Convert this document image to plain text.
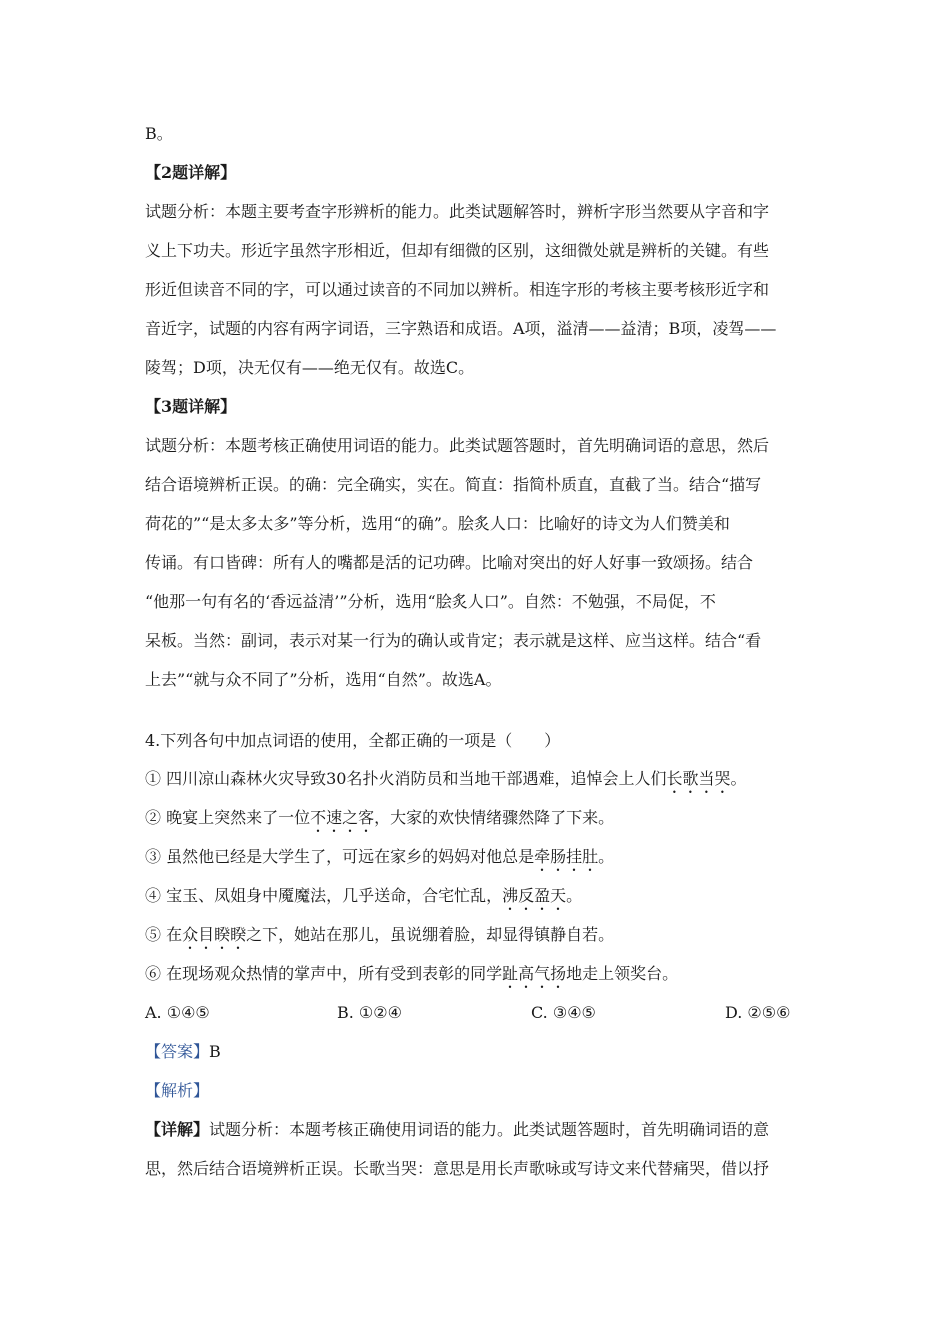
B。
【2题详解】
试题分析：本题主要考查字形辨析的能力。此类试题解答时，辨析字形当然要从字音和字
义上下功夫。形近字虽然字形相近，但却有细微的区别，这细微处就是辨析的关键。有些
形近但读音不同的字，可以通过读音的不同加以辨析。相连字形的考核主要考核形近字和
音近字，试题的内容有两字词语，三字熟语和成语。A项，溢清——益清；B项，凌驾——
陵驾；D项，决无仅有——绝无仅有。故选C。
【3题详解】
试题分析：本题考核正确使用词语的能力。此类试题答题时，首先明确词语的意思，然后
结合语境辨析正误。的确：完全确实，实在。简直：指简朴质直，直截了当。结合“描写
荷花的”“是太多太多”等分析，选用“的确”。脍炙人口：比喻好的诗文为人们赞美和
传诵。有口皆碑：所有人的嘴都是活的记功碑。比喻对突出的好人好事一致颂扬。结合
“他那一句有名的‘香远益清’”分析，选用“脍炙人口”。自然：不勉强，不局促，不
呆板。当然：副词，表示对某一行为的确认或肯定；表示就是这样、应当这样。结合“看
上去”“就与众不同了”分析，选用“自然”。故选A。
4.下列各句中加点词语的使用，全都正确的一项是（　　）
① 四川凉山森林火灾导致30名扑火消防员和当地干部遇难，追悼会上人们长歌当哭。
② 晚宴上突然来了一位不速之客，大家的欢快情绪骤然降了下来。
③ 虽然他已经是大学生了，可远在家乡的妈妈对他总是牵肠挂肚。
④ 宝玉、凤姐身中魇魔法，几乎送命，合宅忙乱，沸反盈天。
⑤ 在众目睽睽之下，她站在那儿，虽说绷着脸，却显得镇静自若。
⑥ 在现场观众热情的掌声中，所有受到表彰的同学趾高气扬地走上领奖台。
A. ①④⑤	B. ①②④	C. ③④⑤	D. ②⑤⑥
【答案】B
【解析】
【详解】试题分析：本题考核正确使用词语的能力。此类试题答题时，首先明确词语的意
思，然后结合语境辨析正误。长歌当哭：意思是用长声歌咏或写诗文来代替痛哭，借以抒
